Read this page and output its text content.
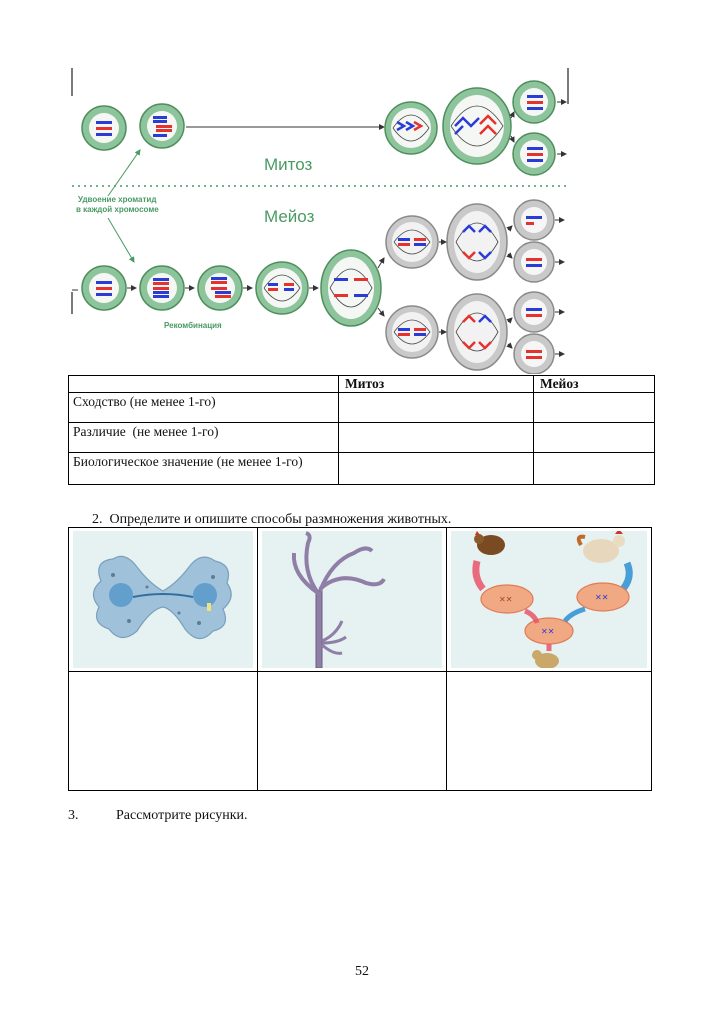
Митоз
Мейоз
Удвоение хроматид
в каждой хромосоме
Рекомбинация
	Митоз	Мейоз
Сходство (не менее 1-го)		
Различие  (не менее 1-го)		
Биологическое значение (не менее 1-го)		
2. Определите и опишите способы размножения животных.

✕✕ ✕✕
✕✕

3.	Рассмотрите рисунки.
52
